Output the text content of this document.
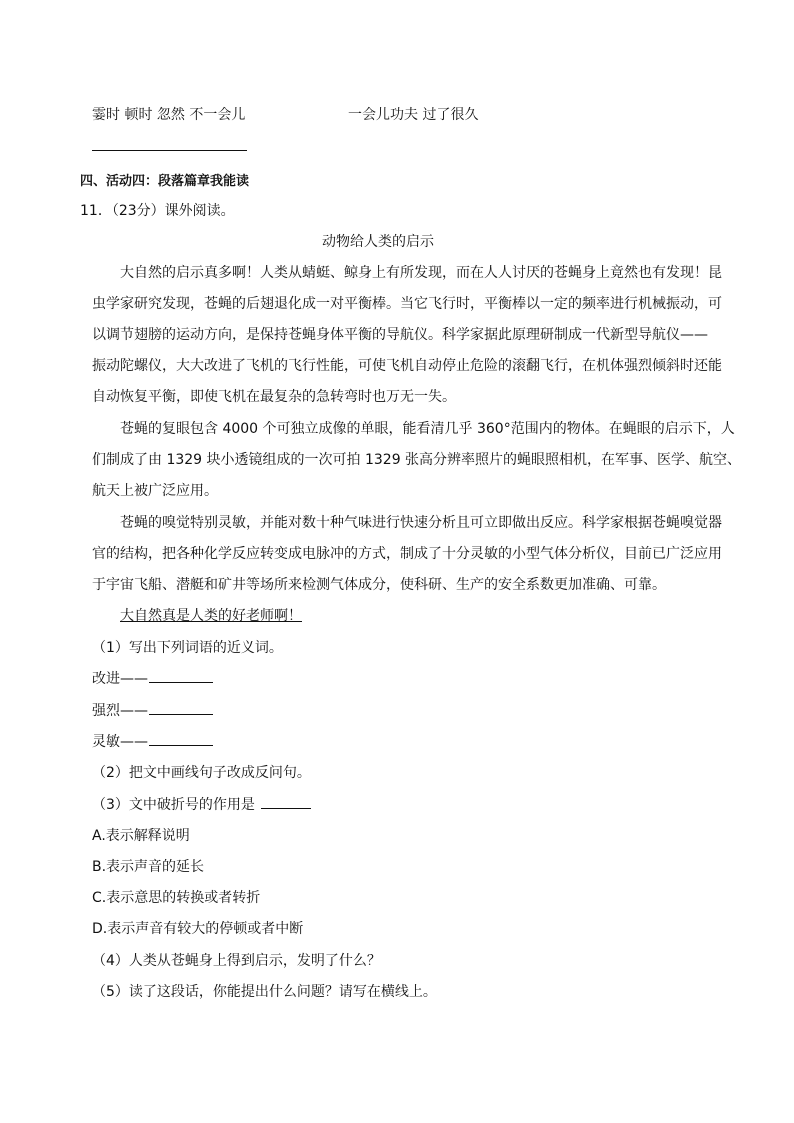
霎时 顿时 忽然 不一会儿	一会儿功夫 过了很久
四、活动四：段落篇章我能读
11．（23分）课外阅读。
动物给人类的启示
大自然的启示真多啊！人类从蜻蜓、鲸身上有所发现，而在人人讨厌的苍蝇身上竟然也有发现！昆
虫学家研究发现，苍蝇的后翅退化成一对平衡棒。当它飞行时，平衡棒以一定的频率进行机械振动，可
以调节翅膀的运动方向，是保持苍蝇身体平衡的导航仪。科学家据此原理研制成一代新型导航仪——
振动陀螺仪，大大改进了飞机的飞行性能，可使飞机自动停止危险的滚翻飞行，在机体强烈倾斜时还能
自动恢复平衡，即使飞机在最复杂的急转弯时也万无一失。
苍蝇的复眼包含 4000 个可独立成像的单眼，能看清几乎 360°范围内的物体。在蝇眼的启示下，人
们制成了由 1329 块小透镜组成的一次可拍 1329 张高分辨率照片的蝇眼照相机，在军事、医学、航空、
航天上被广泛应用。
苍蝇的嗅觉特别灵敏，并能对数十种气味进行快速分析且可立即做出反应。科学家根据苍蝇嗅觉器
官的结构，把各种化学反应转变成电脉冲的方式，制成了十分灵敏的小型气体分析仪，目前已广泛应用
于宇宙飞船、潜艇和矿井等场所来检测气体成分，使科研、生产的安全系数更加准确、可靠。
大自然真是人类的好老师啊！
（1）写出下列词语的近义词。
改进——
强烈——
灵敏——
（2）把文中画线句子改成反问句。
（3）文中破折号的作用是
A.表示解释说明
B.表示声音的延长
C.表示意思的转换或者转折
D.表示声音有较大的停顿或者中断
（4）人类从苍蝇身上得到启示，发明了什么？
（5）读了这段话，你能提出什么问题？请写在横线上。
